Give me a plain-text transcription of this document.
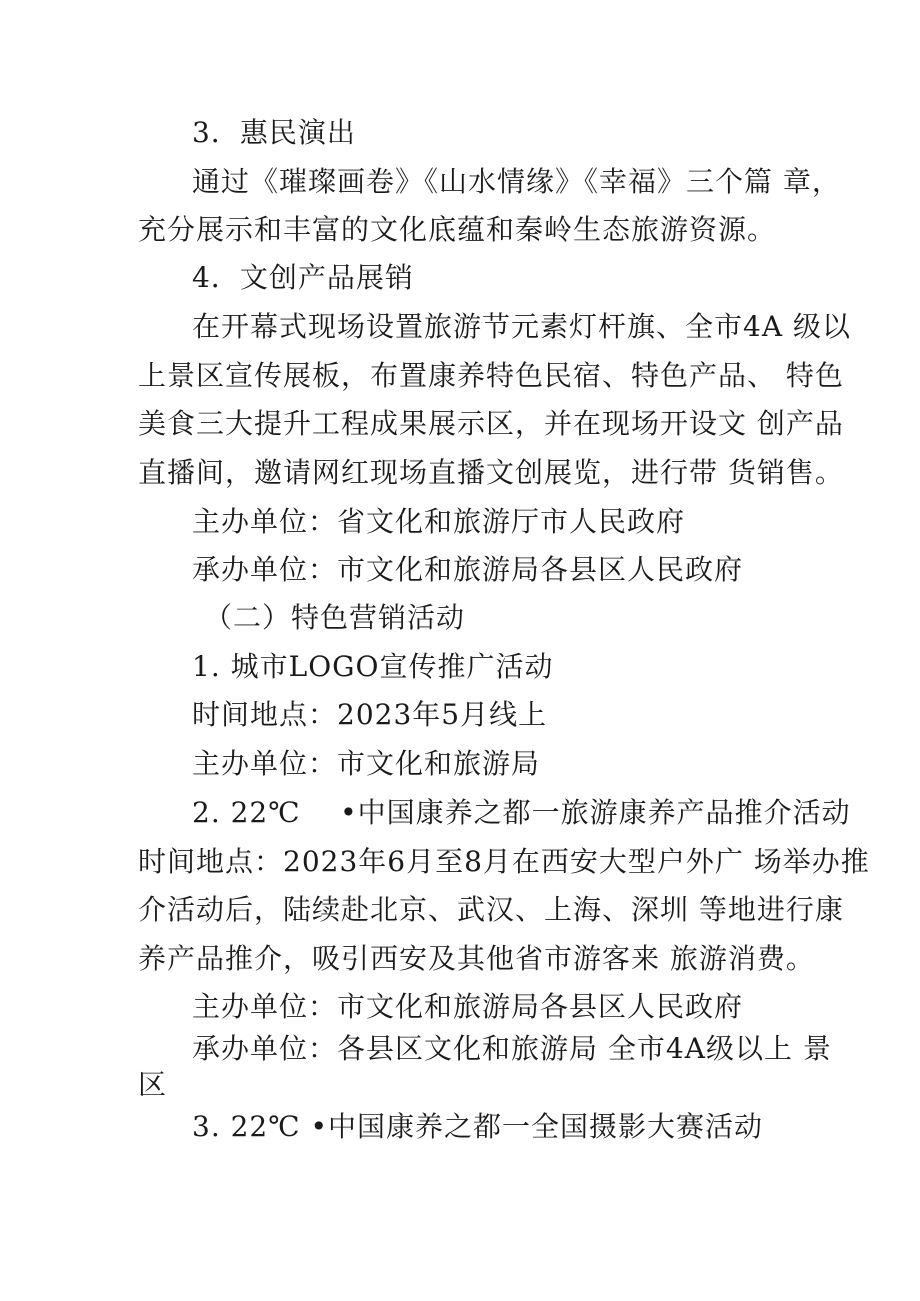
3．惠民演出
通过《璀璨画卷》《山水情缘》《幸福》三个篇 章，
充分展示和丰富的文化底蕴和秦岭生态旅游资源。
4．文创产品展销
在开幕式现场设置旅游节元素灯杆旗、全市4A 级以
上景区宣传展板，布置康养特色民宿、特色产品、 特色
美食三大提升工程成果展示区，并在现场开设文 创产品
直播间，邀请网红现场直播文创展览，进行带 货销售。
主办单位：省文化和旅游厅市人民政府
承办单位：市文化和旅游局各县区人民政府
（二）特色营销活动
1. 城市LOGO宣传推广活动
时间地点：2023年5月线上
主办单位：市文化和旅游局
2. 22℃    •中国康养之都一旅游康养产品推介活动
时间地点：2023年6月至8月在西安大型户外广 场举办推
介活动后，陆续赴北京、武汉、上海、深圳 等地进行康
养产品推介，吸引西安及其他省市游客来 旅游消费。
主办单位：市文化和旅游局各县区人民政府
承办单位：各县区文化和旅游局 全市4A级以上 景
区
3. 22℃ •中国康养之都一全国摄影大赛活动
